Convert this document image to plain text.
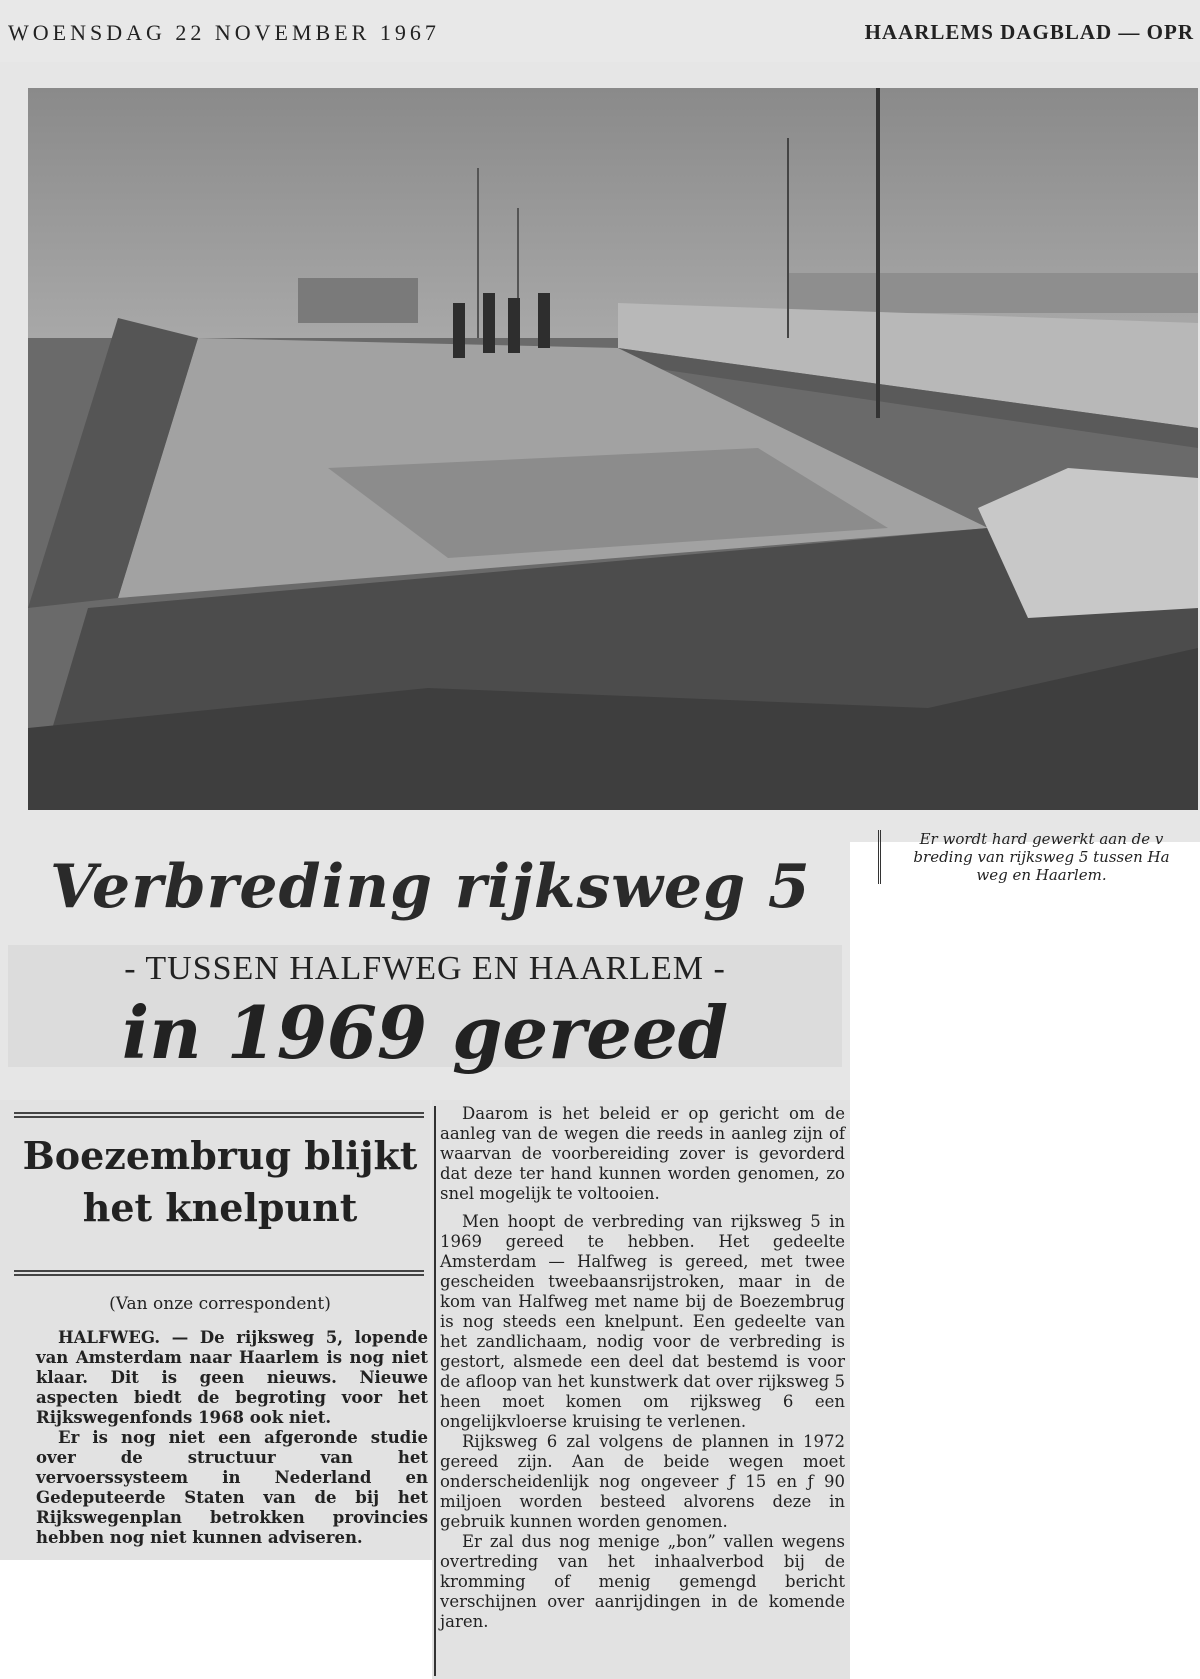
WOENSDAG 22 NOVEMBER 1967	HAARLEMS DAGBLAD — OPR
Er wordt hard gewerkt aan de v
breding van rijksweg 5 tussen Ha
weg en Haarlem.
Verbreding rijksweg 5
- TUSSEN HALFWEG EN HAARLEM -
in 1969 gereed
Boezembrug blijkt
het knelpunt
(Van onze correspondent)

HALFWEG. — De rijksweg 5, lopende van Amsterdam naar Haarlem is nog niet klaar. Dit is geen nieuws. Nieuwe aspecten biedt de begroting voor het Rijkswegenfonds 1968 ook niet.

Er is nog niet een afgeronde studie over de structuur van het vervoerssysteem in Nederland en Gedeputeerde Staten van de bij het Rijkswegenplan betrokken provincies hebben nog niet kunnen adviseren.

Daarom is het beleid er op gericht om de aanleg van de wegen die reeds in aanleg zijn of waarvan de voorbereiding zover is gevorderd dat deze ter hand kunnen worden genomen, zo snel mogelijk te voltooien.

Men hoopt de verbreding van rijksweg 5 in 1969 gereed te hebben. Het gedeelte Amsterdam — Halfweg is gereed, met twee gescheiden tweebaansrijstroken, maar in de kom van Halfweg met name bij de Boezembrug is nog steeds een knelpunt. Een gedeelte van het zandlichaam, nodig voor de verbreding is gestort, alsmede een deel dat bestemd is voor de afloop van het kunstwerk dat over rijksweg 5 heen moet komen om rijksweg 6 een ongelijkvloerse kruising te verlenen.

Rijksweg 6 zal volgens de plannen in 1972 gereed zijn. Aan de beide wegen moet onderscheidenlijk nog ongeveer ƒ 15 en ƒ 90 miljoen worden besteed alvorens deze in gebruik kunnen worden genomen.

Er zal dus nog menige „bon” vallen wegens overtreding van het inhaalverbod bij de kromming of menig gemengd bericht verschijnen over aanrijdingen in de komende jaren.
